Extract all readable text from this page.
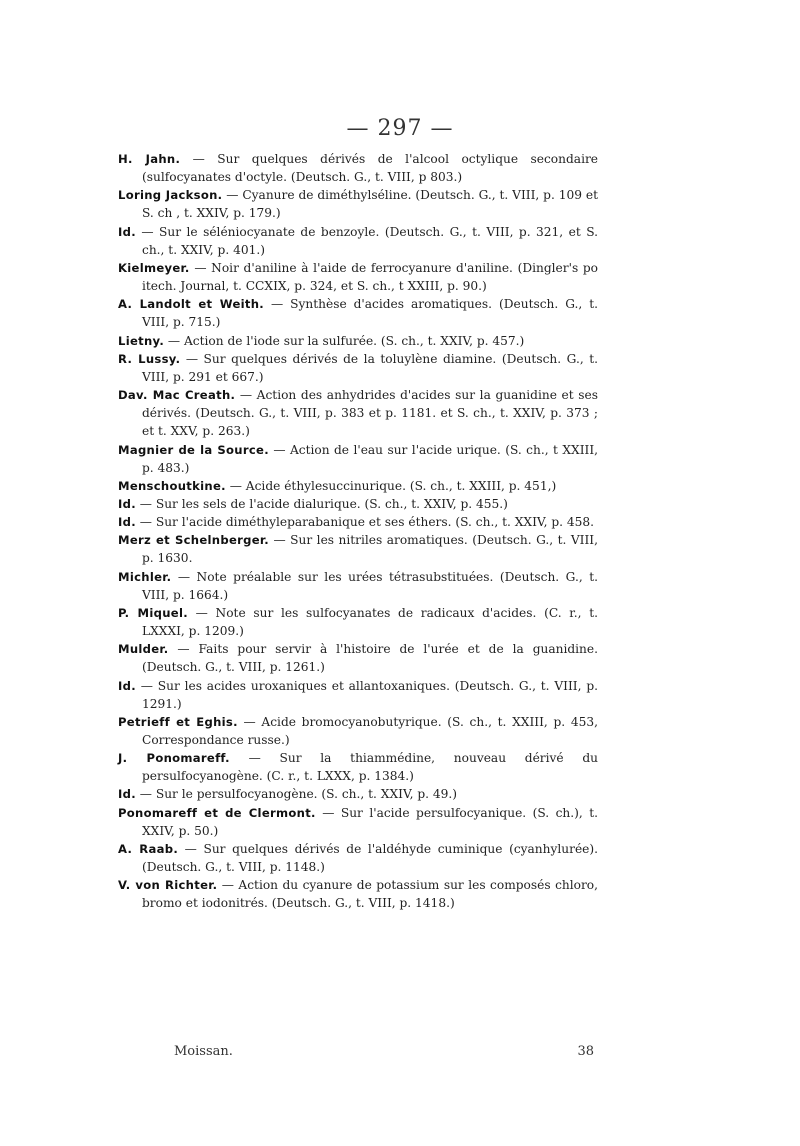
— 297 —
H. Jahn. — Sur quelques dérivés de l'alcool octylique secondaire (sulfocyanates d'octyle. (Deutsch. G., t. VIII, p 803.)
Loring Jackson. — Cyanure de diméthylséline. (Deutsch. G., t. VIII, p. 109 et S. ch , t. XXIV, p. 179.)
Id. — Sur le séléniocyanate de benzoyle. (Deutsch. G., t. VIII, p. 321, et S. ch., t. XXIV, p. 401.)
Kielmeyer. — Noir d'aniline à l'aide de ferrocyanure d'aniline. (Dingler's po itech. Journal, t. CCXIX, p. 324, et S. ch., t XXIII, p. 90.)
A. Landolt et Weith. — Synthèse d'acides aromatiques. (Deutsch. G., t. VIII, p. 715.)
Lietny. — Action de l'iode sur la sulfurée. (S. ch., t. XXIV, p. 457.)
R. Lussy. — Sur quelques dérivés de la toluylène diamine. (Deutsch. G., t. VIII, p. 291 et 667.)
Dav. Mac Creath. — Action des anhydrides d'acides sur la guanidine et ses dérivés. (Deutsch. G., t. VIII, p. 383 et p. 1181. et S. ch., t. XXIV, p. 373 ; et t. XXV, p. 263.)
Magnier de la Source. — Action de l'eau sur l'acide urique. (S. ch., t XXIII, p. 483.)
Menschoutkine. — Acide éthylesuccinurique. (S. ch., t. XXIII, p. 451,)
Id. — Sur les sels de l'acide dialurique. (S. ch., t. XXIV, p. 455.)
Id. — Sur l'acide diméthyleparabanique et ses éthers. (S. ch., t. XXIV, p. 458.
Merz et Schelnberger. — Sur les nitriles aromatiques. (Deutsch. G., t. VIII, p. 1630.
Michler. — Note préalable sur les urées tétrasubstituées. (Deutsch. G., t. VIII, p. 1664.)
P. Miquel. — Note sur les sulfocyanates de radicaux d'acides. (C. r., t. LXXXI, p. 1209.)
Mulder. — Faits pour servir à l'histoire de l'urée et de la guanidine. (Deutsch. G., t. VIII, p. 1261.)
Id. — Sur les acides uroxaniques et allantoxaniques. (Deutsch. G., t. VIII, p. 1291.)
Petrieff et Eghis. — Acide bromocyanobutyrique. (S. ch., t. XXIII, p. 453, Correspondance russe.)
J. Ponomareff. — Sur la thiammédine, nouveau dérivé du persulfocyanogène. (C. r., t. LXXX, p. 1384.)
Id. — Sur le persulfocyanogène. (S. ch., t. XXIV, p. 49.)
Ponomareff et de Clermont. — Sur l'acide persulfocyanique. (S. ch.), t. XXIV, p. 50.)
A. Raab. — Sur quelques dérivés de l'aldéhyde cuminique (cyanhylurée). (Deutsch. G., t. VIII, p. 1148.)
V. von Richter. — Action du cyanure de potassium sur les composés chloro, bromo et iodonitrés. (Deutsch. G., t. VIII, p. 1418.)
Moissan.	38
